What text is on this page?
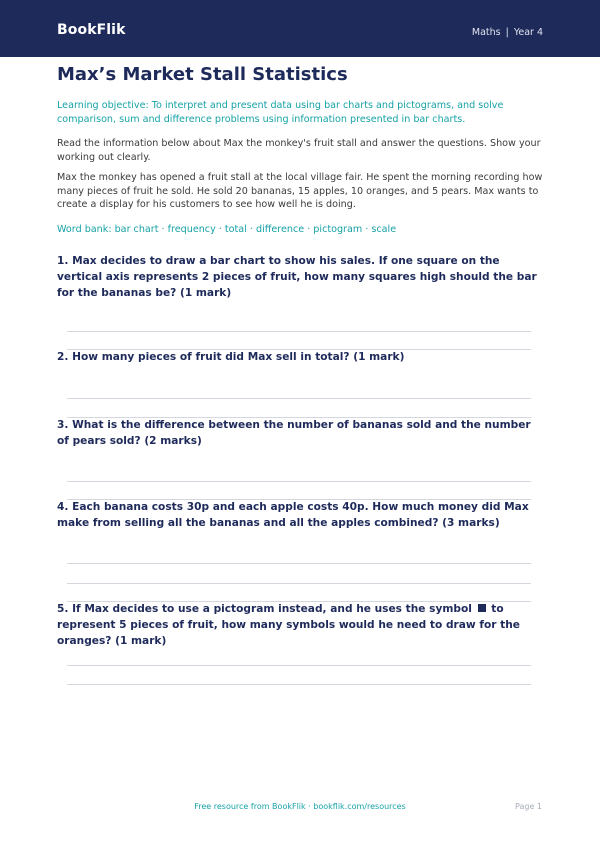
BookFlik	Maths | Year 4
Max’s Market Stall Statistics

Learning objective: To interpret and present data using bar charts and pictograms, and solve comparison, sum and difference problems using information presented in bar charts.

Read the information below about Max the monkey's fruit stall and answer the questions. Show your working out clearly.

Max the monkey has opened a fruit stall at the local village fair. He spent the morning recording how many pieces of fruit he sold. He sold 20 bananas, 15 apples, 10 oranges, and 5 pears. Max wants to create a display for his customers to see how well he is doing.

Word bank: bar chart · frequency · total · difference · pictogram · scale

1. Max decides to draw a bar chart to show his sales. If one square on the vertical axis represents 2 pieces of fruit, how many squares high should the bar for the bananas be? (1 mark)

2. How many pieces of fruit did Max sell in total? (1 mark)

3. What is the difference between the number of bananas sold and the number of pears sold? (2 marks)

4. Each banana costs 30p and each apple costs 40p. How much money did Max make from selling all the bananas and all the apples combined? (3 marks)

5. If Max decides to use a pictogram instead, and he uses the symbol to represent 5 pieces of fruit, how many symbols would he need to draw for the oranges? (1 mark)

Free resource from BookFlik · bookflik.com/resources	Page 1
